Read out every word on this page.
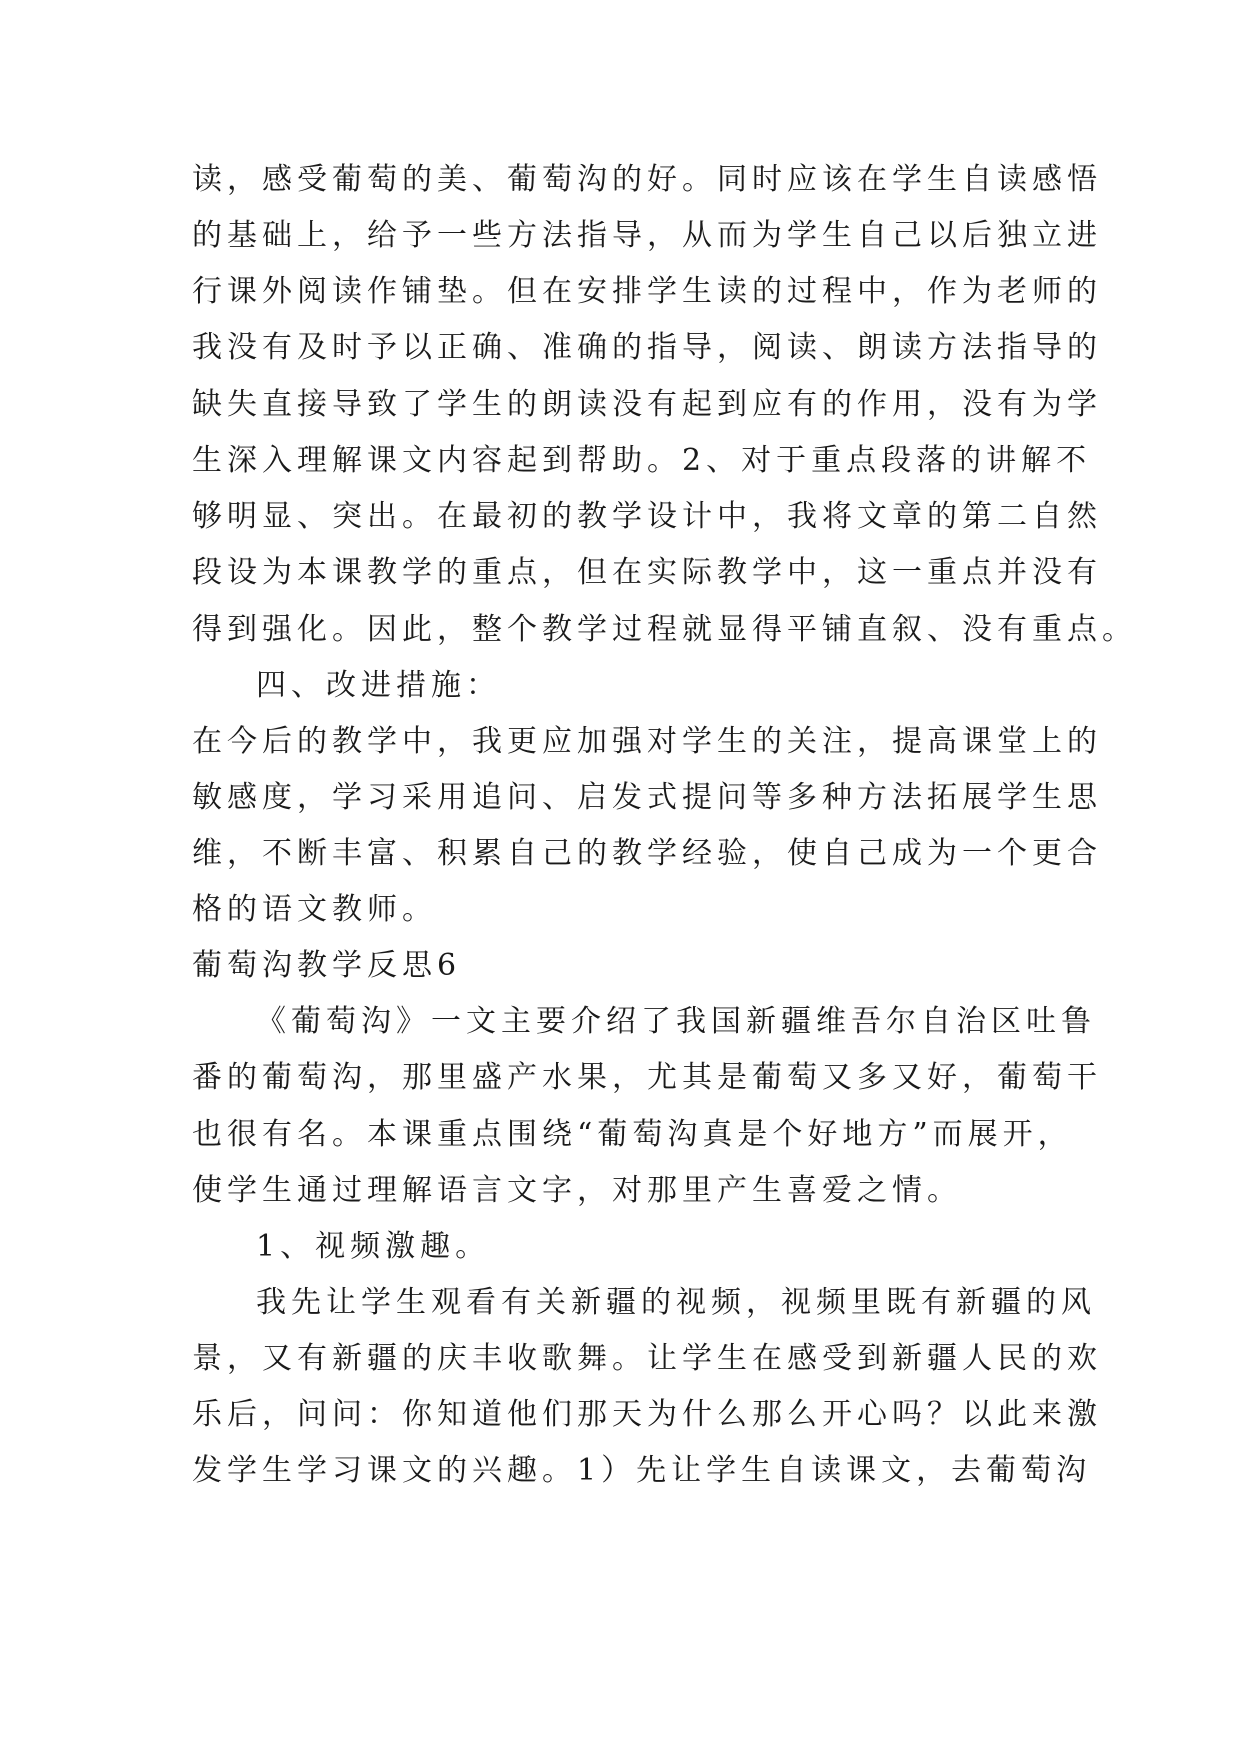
读，感受葡萄的美、葡萄沟的好。同时应该在学生自读感悟

的基础上，给予一些方法指导，从而为学生自己以后独立进

行课外阅读作铺垫。但在安排学生读的过程中，作为老师的

我没有及时予以正确、准确的指导，阅读、朗读方法指导的

缺失直接导致了学生的朗读没有起到应有的作用，没有为学

生深入理解课文内容起到帮助。2、对于重点段落的讲解不

够明显、突出。在最初的教学设计中，我将文章的第二自然

段设为本课教学的重点，但在实际教学中，这一重点并没有

得到强化。因此，整个教学过程就显得平铺直叙、没有重点。

四、改进措施：

在今后的教学中，我更应加强对学生的关注，提高课堂上的

敏感度，学习采用追问、启发式提问等多种方法拓展学生思

维，不断丰富、积累自己的教学经验，使自己成为一个更合

格的语文教师。

葡萄沟教学反思6

《葡萄沟》一文主要介绍了我国新疆维吾尔自治区吐鲁

番的葡萄沟，那里盛产水果，尤其是葡萄又多又好，葡萄干

也很有名。本课重点围绕“葡萄沟真是个好地方”而展开，

使学生通过理解语言文字，对那里产生喜爱之情。

1、视频激趣。

我先让学生观看有关新疆的视频，视频里既有新疆的风

景，又有新疆的庆丰收歌舞。让学生在感受到新疆人民的欢

乐后，问问：你知道他们那天为什么那么开心吗？以此来激

发学生学习课文的兴趣。1）先让学生自读课文，去葡萄沟
